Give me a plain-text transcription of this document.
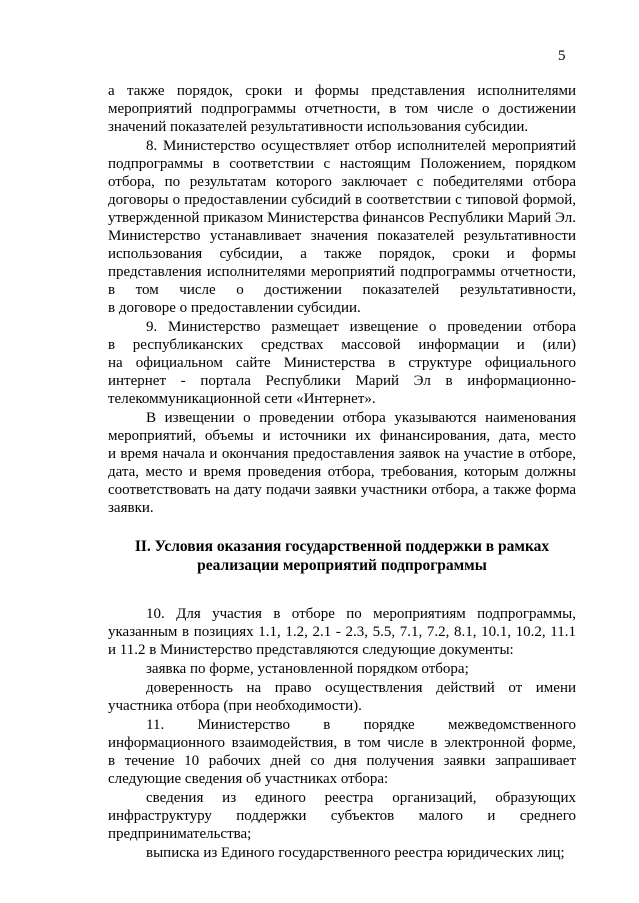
5
а также порядок, сроки и формы представления исполнителями
мероприятий подпрограммы отчетности, в том числе о достижении
значений показателей результативности использования субсидии.
8. Министерство осуществляет отбор исполнителей мероприятий
подпрограммы в соответствии с настоящим Положением, порядком
отбора, по результатам которого заключает с победителями отбора
договоры о предоставлении субсидий в соответствии с типовой формой,
утвержденной приказом Министерства финансов Республики Марий Эл.
Министерство устанавливает значения показателей результативности
использования субсидии, а также порядок, сроки и формы
представления исполнителями мероприятий подпрограммы отчетности,
в том числе о достижении показателей результативности,
в договоре о предоставлении субсидии.
9. Министерство размещает извещение о проведении отбора
в республиканских средствах массовой информации и (или)
на официальном сайте Министерства в структуре официального
интернет - портала Республики Марий Эл в информационно-
телекоммуникационной сети «Интернет».
В извещении о проведении отбора указываются наименования
мероприятий, объемы и источники их финансирования, дата, место
и время начала и окончания предоставления заявок на участие в отборе,
дата, место и время проведения отбора, требования, которым должны
соответствовать на дату подачи заявки участники отбора, а также форма
заявки.
II. Условия оказания государственной поддержки в рамках
реализации мероприятий подпрограммы
10. Для участия в отборе по мероприятиям подпрограммы,
указанным в позициях 1.1, 1.2, 2.1 - 2.3, 5.5, 7.1, 7.2, 8.1, 10.1, 10.2, 11.1
и 11.2 в Министерство представляются следующие документы:
заявка по форме, установленной порядком отбора;
доверенность на право осуществления действий от имени
участника отбора (при необходимости).
11. Министерство в порядке межведомственного
информационного взаимодействия, в том числе в электронной форме,
в течение 10 рабочих дней со дня получения заявки запрашивает
следующие сведения об участниках отбора:
сведения из единого реестра организаций, образующих
инфраструктуру поддержки субъектов малого и среднего
предпринимательства;
выписка из Единого государственного реестра юридических лиц;
